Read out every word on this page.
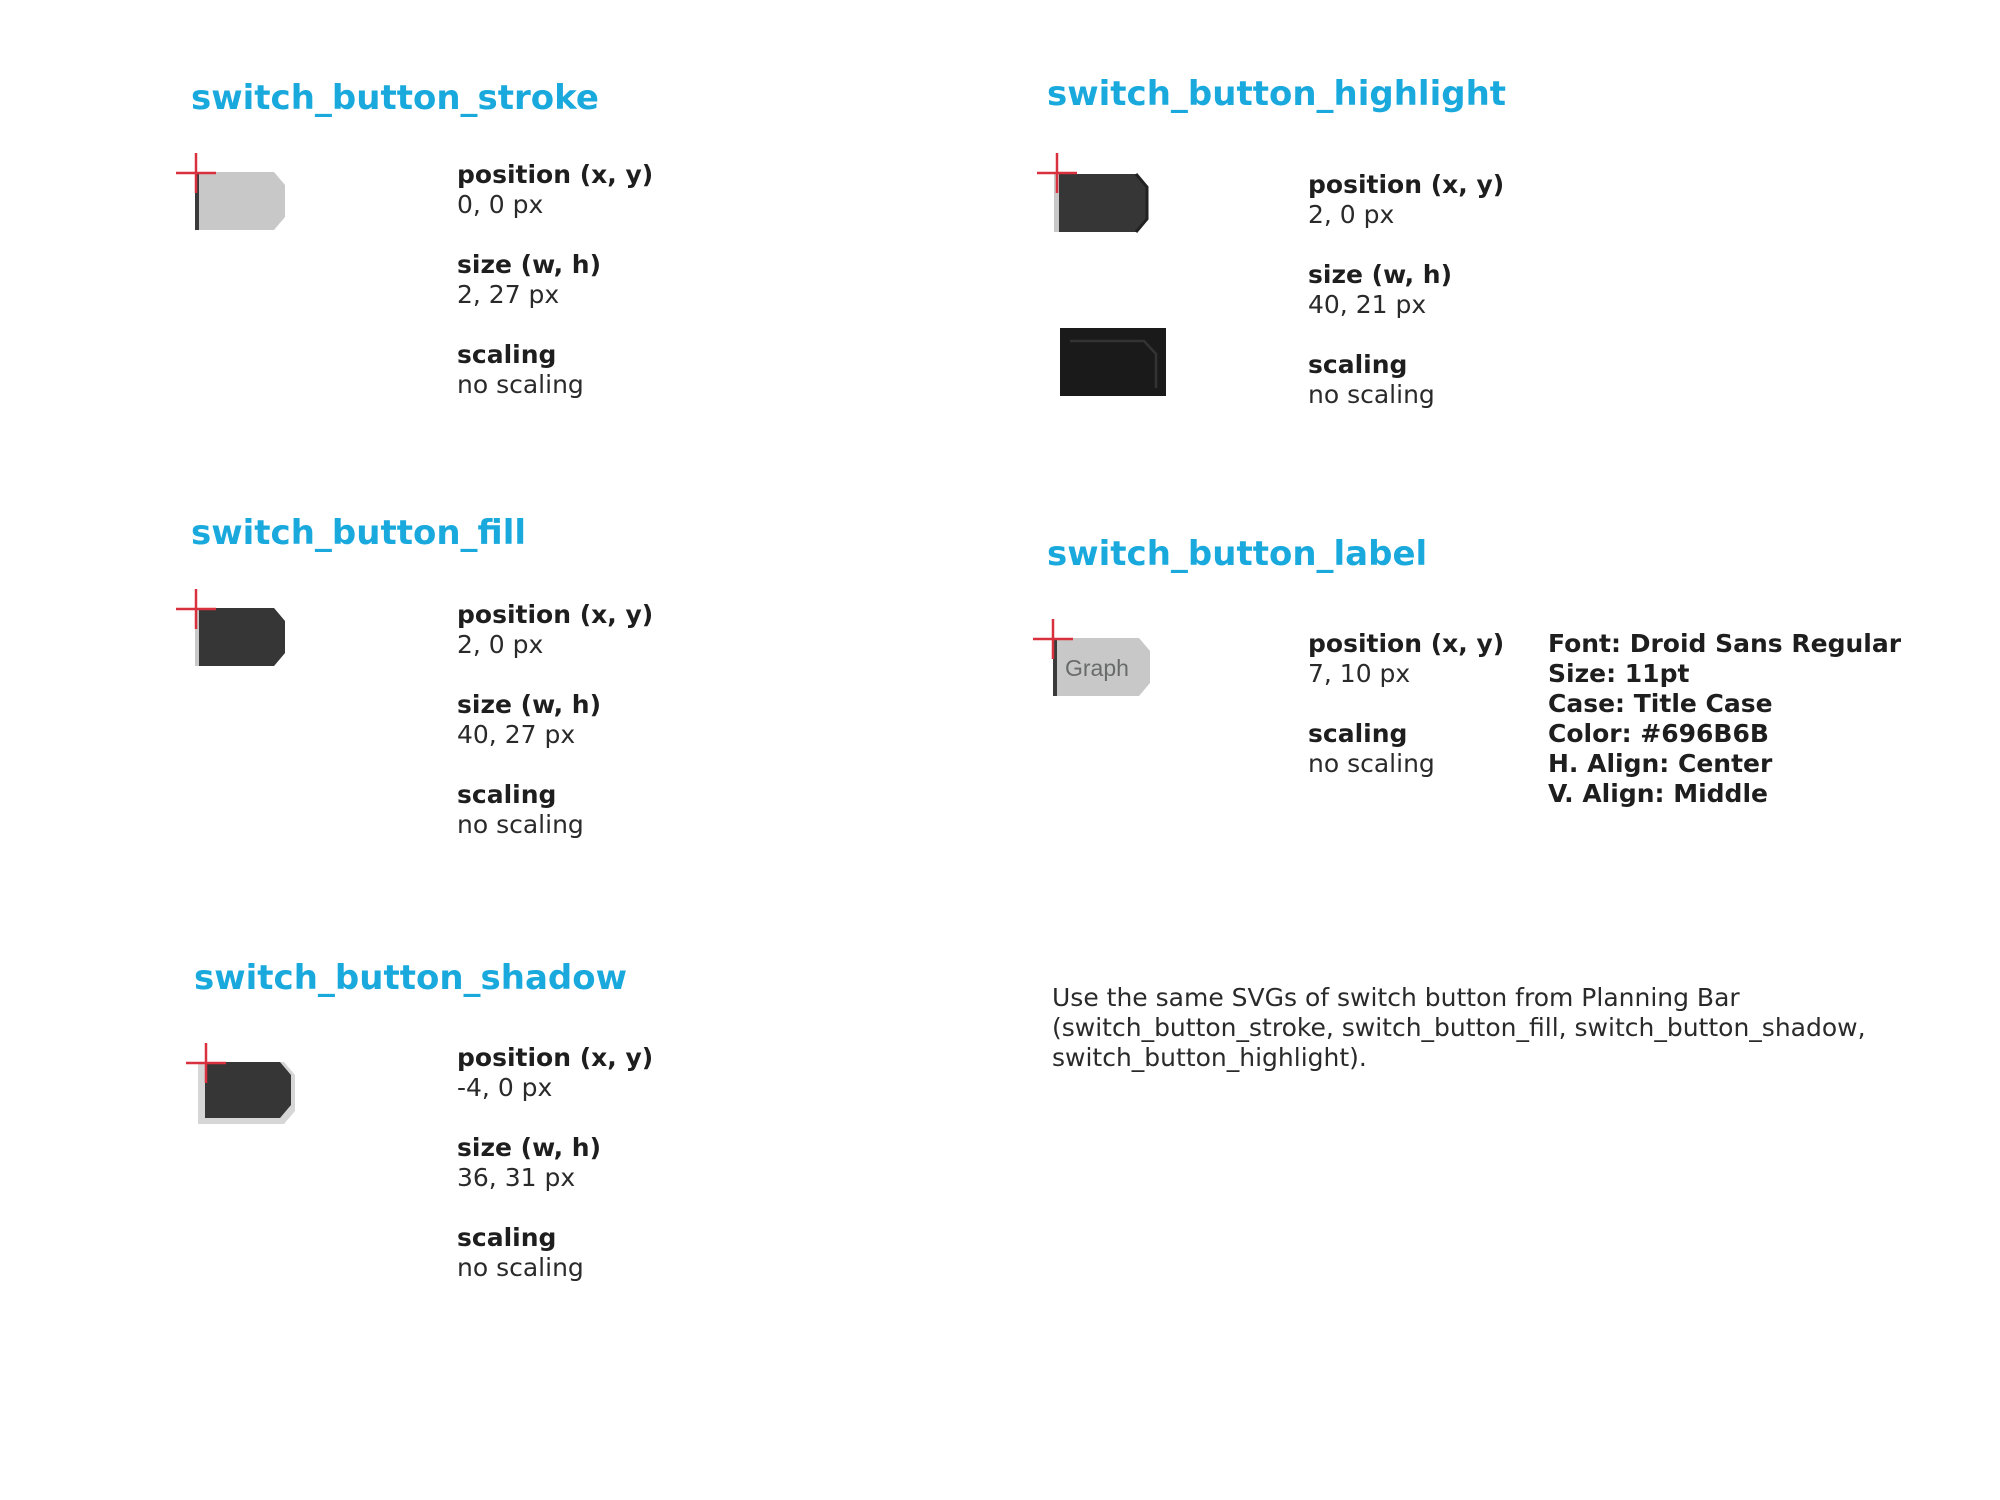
switch_button_stroke
position (x, y)
0, 0 px
size (w, h)
2, 27 px
scaling
no scaling
switch_button_fill
position (x, y)
2, 0 px
size (w, h)
40, 27 px
scaling
no scaling
switch_button_shadow
position (x, y)
-4, 0 px
size (w, h)
36, 31 px
scaling
no scaling
switch_button_highlight
position (x, y)
2, 0 px
size (w, h)
40, 21 px
scaling
no scaling
switch_button_label
Graph
position (x, y)
7, 10 px
scaling
no scaling
Font: Droid Sans Regular
Size: 11pt
Case: Title Case
Color: #696B6B
H. Align: Center
V. Align: Middle
Use the same SVGs of switch button from Planning Bar
(switch_button_stroke, switch_button_fill, switch_button_shadow,
switch_button_highlight).
